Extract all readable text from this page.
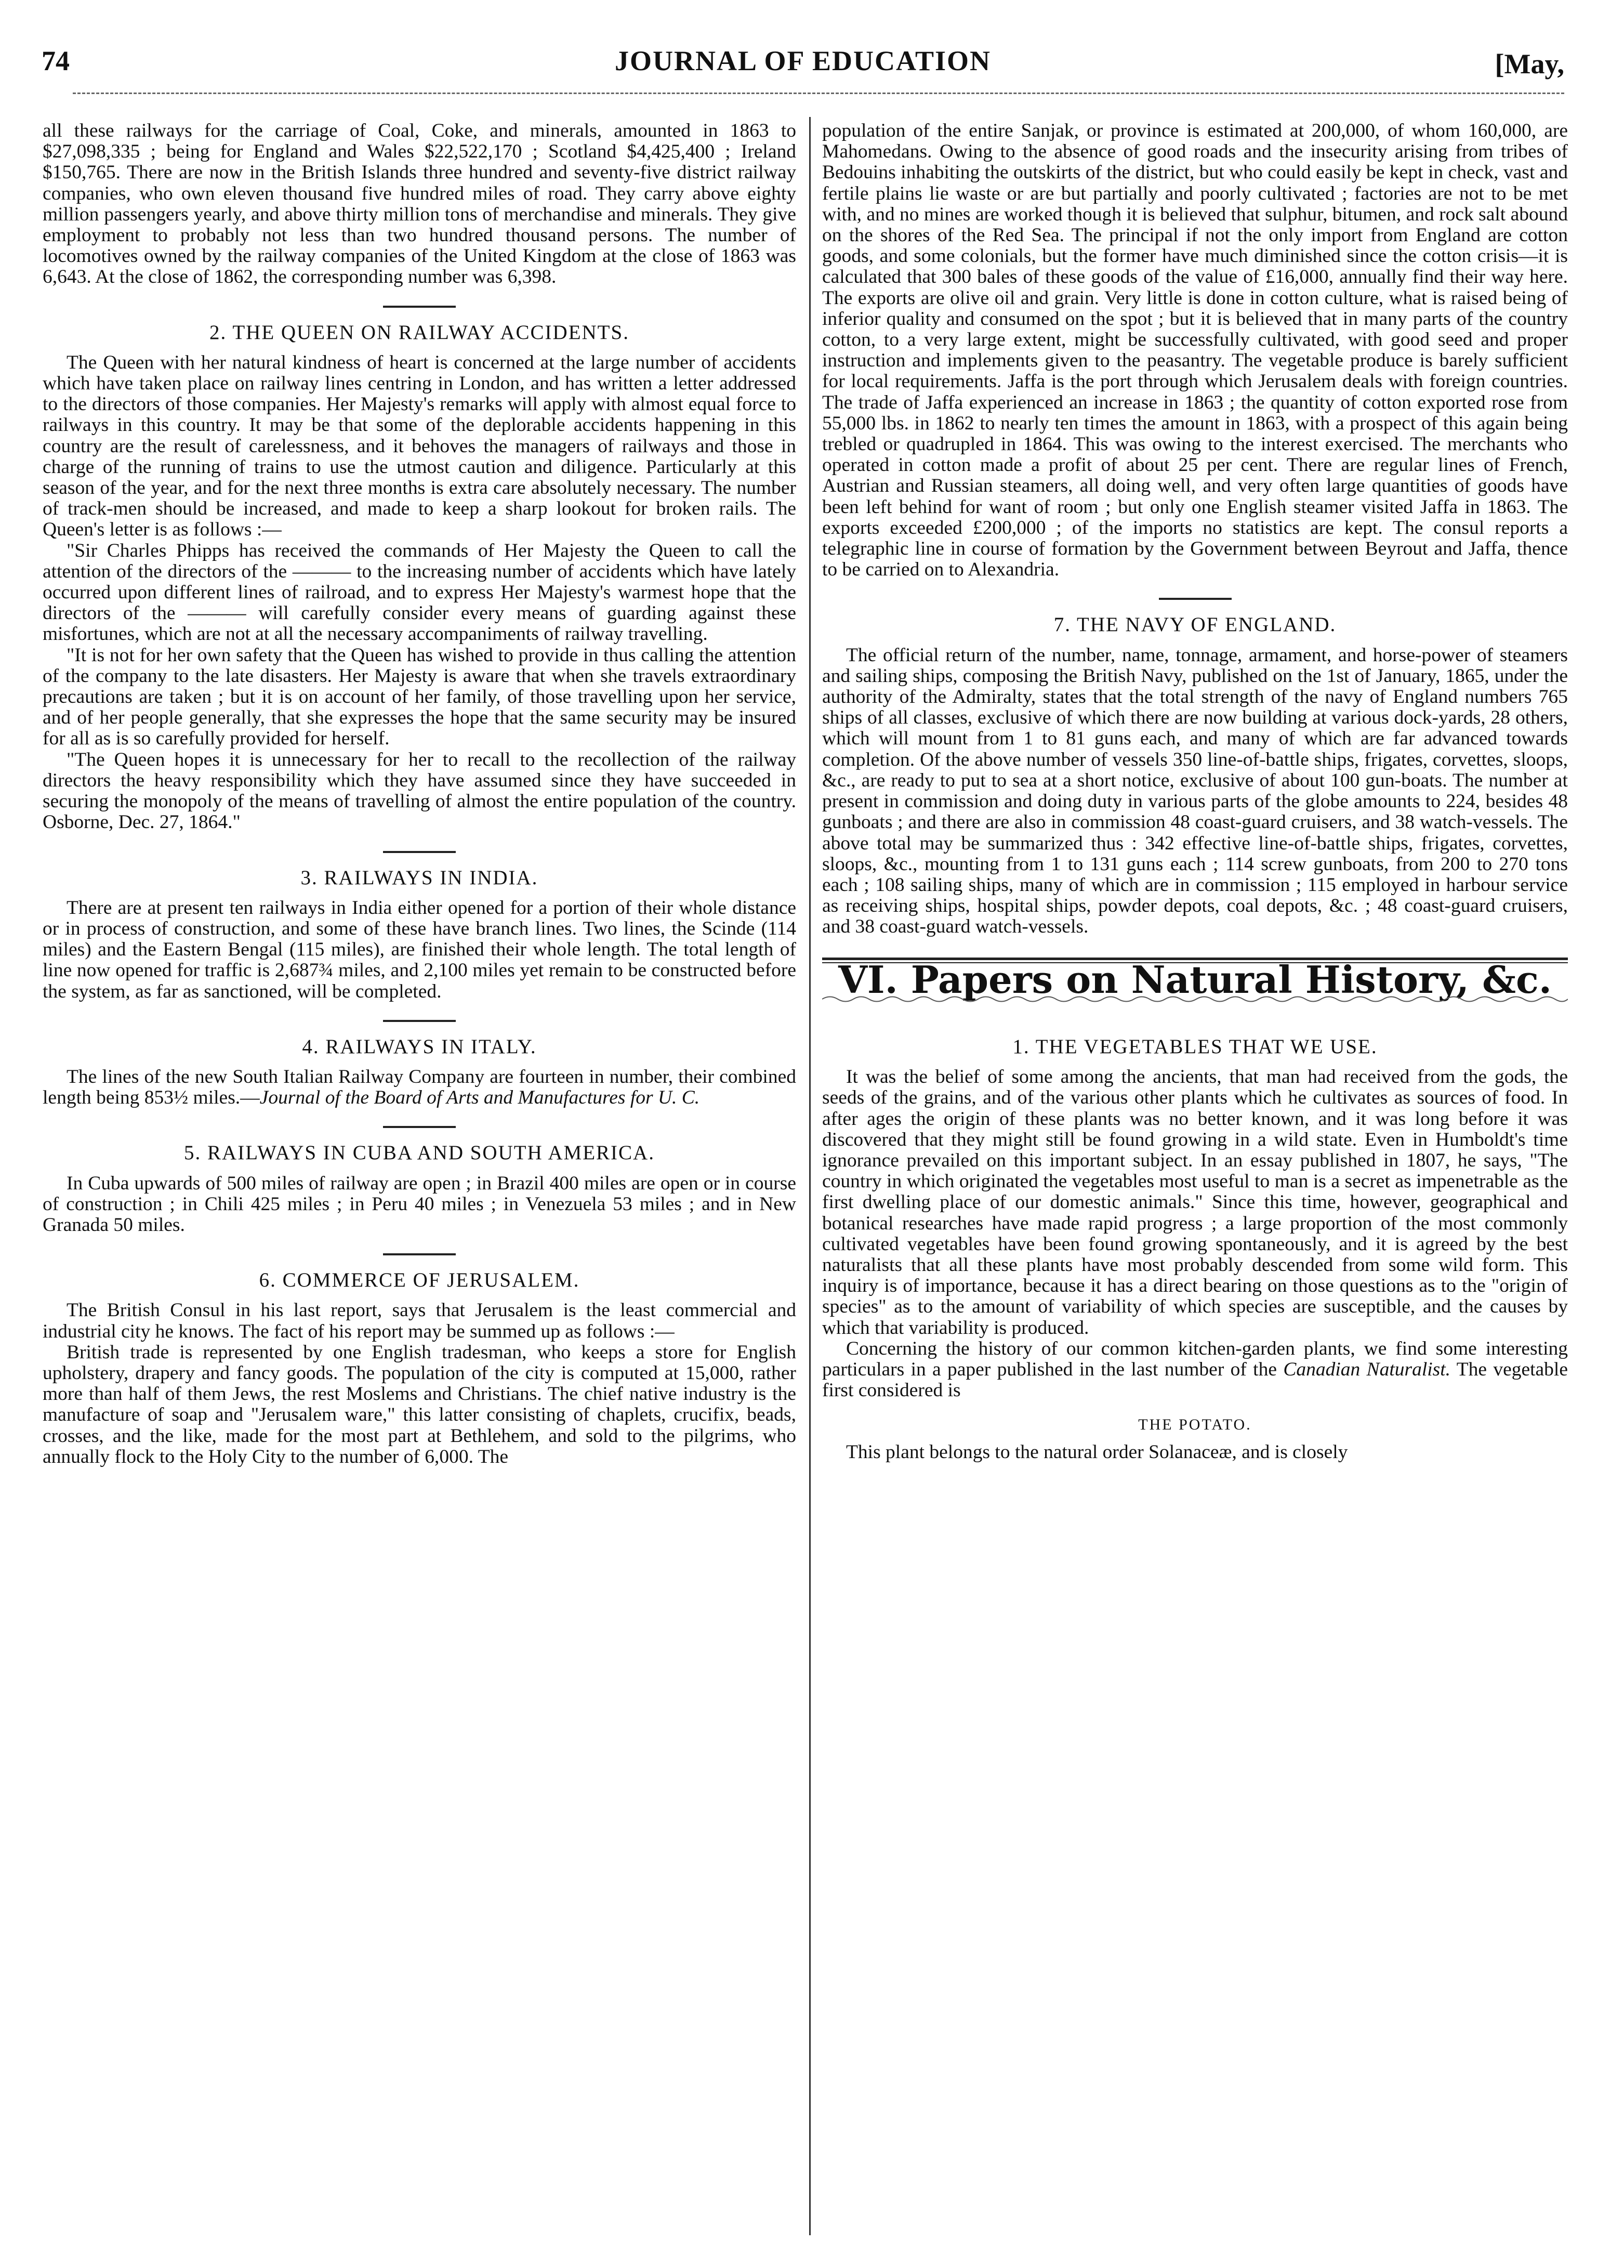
74	JOURNAL OF EDUCATION	[May,

all these railways for the carriage of Coal, Coke, and minerals, amounted in 1863 to $27,098,335 ; being for England and Wales $22,522,170 ; Scotland $4,425,400 ; Ireland $150,765. There are now in the British Islands three hundred and seventy-five district railway companies, who own eleven thousand five hundred miles of road. They carry above eighty million passengers yearly, and above thirty million tons of merchandise and minerals. They give employment to probably not less than two hundred thousand persons. The number of locomotives owned by the railway companies of the United Kingdom at the close of 1863 was 6,643. At the close of 1862, the corresponding number was 6,398.

2. THE QUEEN ON RAILWAY ACCIDENTS.

The Queen with her natural kindness of heart is concerned at the large number of accidents which have taken place on railway lines centring in London, and has written a letter addressed to the directors of those companies. Her Majesty's remarks will apply with almost equal force to railways in this country. It may be that some of the deplorable accidents happening in this country are the result of carelessness, and it behoves the managers of railways and those in charge of the running of trains to use the utmost caution and diligence. Particularly at this season of the year, and for the next three months is extra care absolutely necessary. The number of track-men should be increased, and made to keep a sharp lookout for broken rails. The Queen's letter is as follows :—

"Sir Charles Phipps has received the commands of Her Majesty the Queen to call the attention of the directors of the ——— to the increasing number of accidents which have lately occurred upon different lines of railroad, and to express Her Majesty's warmest hope that the directors of the ——— will carefully consider every means of guarding against these misfortunes, which are not at all the necessary accompaniments of railway travelling.

"It is not for her own safety that the Queen has wished to provide in thus calling the attention of the company to the late disasters. Her Majesty is aware that when she travels extraordinary precautions are taken ; but it is on account of her family, of those travelling upon her service, and of her people generally, that she expresses the hope that the same security may be insured for all as is so carefully provided for herself.

"The Queen hopes it is unnecessary for her to recall to the recollection of the railway directors the heavy responsibility which they have assumed since they have succeeded in securing the monopoly of the means of travelling of almost the entire population of the country. Osborne, Dec. 27, 1864."

3. RAILWAYS IN INDIA.

There are at present ten railways in India either opened for a portion of their whole distance or in process of construction, and some of these have branch lines. Two lines, the Scinde (114 miles) and the Eastern Bengal (115 miles), are finished their whole length. The total length of line now opened for traffic is 2,687¾ miles, and 2,100 miles yet remain to be constructed before the system, as far as sanctioned, will be completed.

4. RAILWAYS IN ITALY.

The lines of the new South Italian Railway Company are fourteen in number, their combined length being 853½ miles.—Journal of the Board of Arts and Manufactures for U. C.

5. RAILWAYS IN CUBA AND SOUTH AMERICA.

In Cuba upwards of 500 miles of railway are open ; in Brazil 400 miles are open or in course of construction ; in Chili 425 miles ; in Peru 40 miles ; in Venezuela 53 miles ; and in New Granada 50 miles.

6. COMMERCE OF JERUSALEM.

The British Consul in his last report, says that Jerusalem is the least commercial and industrial city he knows. The fact of his report may be summed up as follows :—

British trade is represented by one English tradesman, who keeps a store for English upholstery, drapery and fancy goods. The population of the city is computed at 15,000, rather more than half of them Jews, the rest Moslems and Christians. The chief native industry is the manufacture of soap and "Jerusalem ware," this latter consisting of chaplets, crucifix, beads, crosses, and the like, made for the most part at Bethlehem, and sold to the pilgrims, who annually flock to the Holy City to the number of 6,000. The

population of the entire Sanjak, or province is estimated at 200,000, of whom 160,000, are Mahomedans. Owing to the absence of good roads and the insecurity arising from tribes of Bedouins inhabiting the outskirts of the district, but who could easily be kept in check, vast and fertile plains lie waste or are but partially and poorly cultivated ; factories are not to be met with, and no mines are worked though it is believed that sulphur, bitumen, and rock salt abound on the shores of the Red Sea. The principal if not the only import from England are cotton goods, and some colonials, but the former have much diminished since the cotton crisis—it is calculated that 300 bales of these goods of the value of £16,000, annually find their way here. The exports are olive oil and grain. Very little is done in cotton culture, what is raised being of inferior quality and consumed on the spot ; but it is believed that in many parts of the country cotton, to a very large extent, might be successfully cultivated, with good seed and proper instruction and implements given to the peasantry. The vegetable produce is barely sufficient for local requirements. Jaffa is the port through which Jerusalem deals with foreign countries. The trade of Jaffa experienced an increase in 1863 ; the quantity of cotton exported rose from 55,000 lbs. in 1862 to nearly ten times the amount in 1863, with a prospect of this again being trebled or quadrupled in 1864. This was owing to the interest exercised. The merchants who operated in cotton made a profit of about 25 per cent. There are regular lines of French, Austrian and Russian steamers, all doing well, and very often large quantities of goods have been left behind for want of room ; but only one English steamer visited Jaffa in 1863. The exports exceeded £200,000 ; of the imports no statistics are kept. The consul reports a telegraphic line in course of formation by the Government between Beyrout and Jaffa, thence to be carried on to Alexandria.

7. THE NAVY OF ENGLAND.

The official return of the number, name, tonnage, armament, and horse-power of steamers and sailing ships, composing the British Navy, published on the 1st of January, 1865, under the authority of the Admiralty, states that the total strength of the navy of England numbers 765 ships of all classes, exclusive of which there are now building at various dock-yards, 28 others, which will mount from 1 to 81 guns each, and many of which are far advanced towards completion. Of the above number of vessels 350 line-of-battle ships, frigates, corvettes, sloops, &c., are ready to put to sea at a short notice, exclusive of about 100 gun-boats. The number at present in commission and doing duty in various parts of the globe amounts to 224, besides 48 gunboats ; and there are also in commission 48 coast-guard cruisers, and 38 watch-vessels. The above total may be summarized thus : 342 effective line-of-battle ships, frigates, corvettes, sloops, &c., mounting from 1 to 131 guns each ; 114 screw gunboats, from 200 to 270 tons each ; 108 sailing ships, many of which are in commission ; 115 employed in harbour service as receiving ships, hospital ships, powder depots, coal depots, &c. ; 48 coast-guard cruisers, and 38 coast-guard watch-vessels.

VI. Papers on Natural History, &c.
1. THE VEGETABLES THAT WE USE.

It was the belief of some among the ancients, that man had received from the gods, the seeds of the grains, and of the various other plants which he cultivates as sources of food. In after ages the origin of these plants was no better known, and it was long before it was discovered that they might still be found growing in a wild state. Even in Humboldt's time ignorance prevailed on this important subject. In an essay published in 1807, he says, "The country in which originated the vegetables most useful to man is a secret as impenetrable as the first dwelling place of our domestic animals." Since this time, however, geographical and botanical researches have made rapid progress ; a large proportion of the most commonly cultivated vegetables have been found growing spontaneously, and it is agreed by the best naturalists that all these plants have most probably descended from some wild form. This inquiry is of importance, because it has a direct bearing on those questions as to the "origin of species" as to the amount of variability of which species are susceptible, and the causes by which that variability is produced.

Concerning the history of our common kitchen-garden plants, we find some interesting particulars in a paper published in the last number of the Canadian Naturalist. The vegetable first considered is

THE POTATO.

This plant belongs to the natural order Solanaceæ, and is closely
